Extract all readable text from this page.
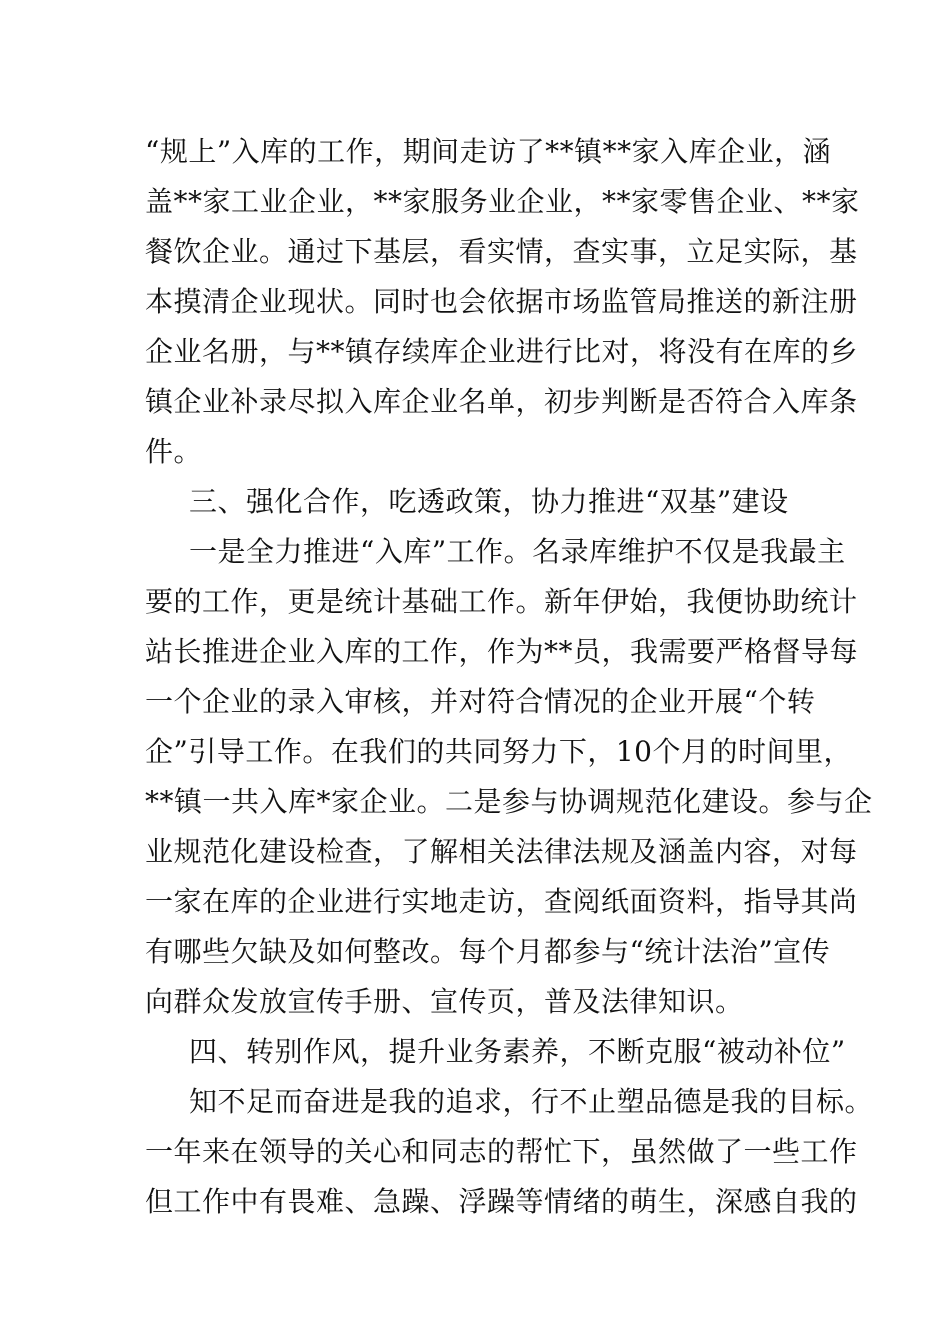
“规上”入库的工作，期间走访了**镇**家入库企业，涵
盖**家工业企业，**家服务业企业，**家零售企业、**家
餐饮企业。通过下基层，看实情，查实事，立足实际，基
本摸清企业现状。同时也会依据市场监管局推送的新注册
企业名册，与**镇存续库企业进行比对，将没有在库的乡
镇企业补录尽拟入库企业名单，初步判断是否符合入库条
件。
三、强化合作，吃透政策，协力推进“双基”建设
一是全力推进“入库”工作。名录库维护不仅是我最主
要的工作，更是统计基础工作。新年伊始，我便协助统计
站长推进企业入库的工作，作为**员，我需要严格督导每
一个企业的录入审核，并对符合情况的企业开展“个转
企”引导工作。在我们的共同努力下，10个月的时间里，
**镇一共入库*家企业。二是参与协调规范化建设。参与企
业规范化建设检查，了解相关法律法规及涵盖内容，对每
一家在库的企业进行实地走访，查阅纸面资料，指导其尚
有哪些欠缺及如何整改。每个月都参与“统计法治”宣传
向群众发放宣传手册、宣传页，普及法律知识。
四、转别作风，提升业务素养，不断克服“被动补位”
知不足而奋进是我的追求，行不止塑品德是我的目标。
一年来在领导的关心和同志的帮忙下，虽然做了一些工作
但工作中有畏难、急躁、浮躁等情绪的萌生，深感自我的
